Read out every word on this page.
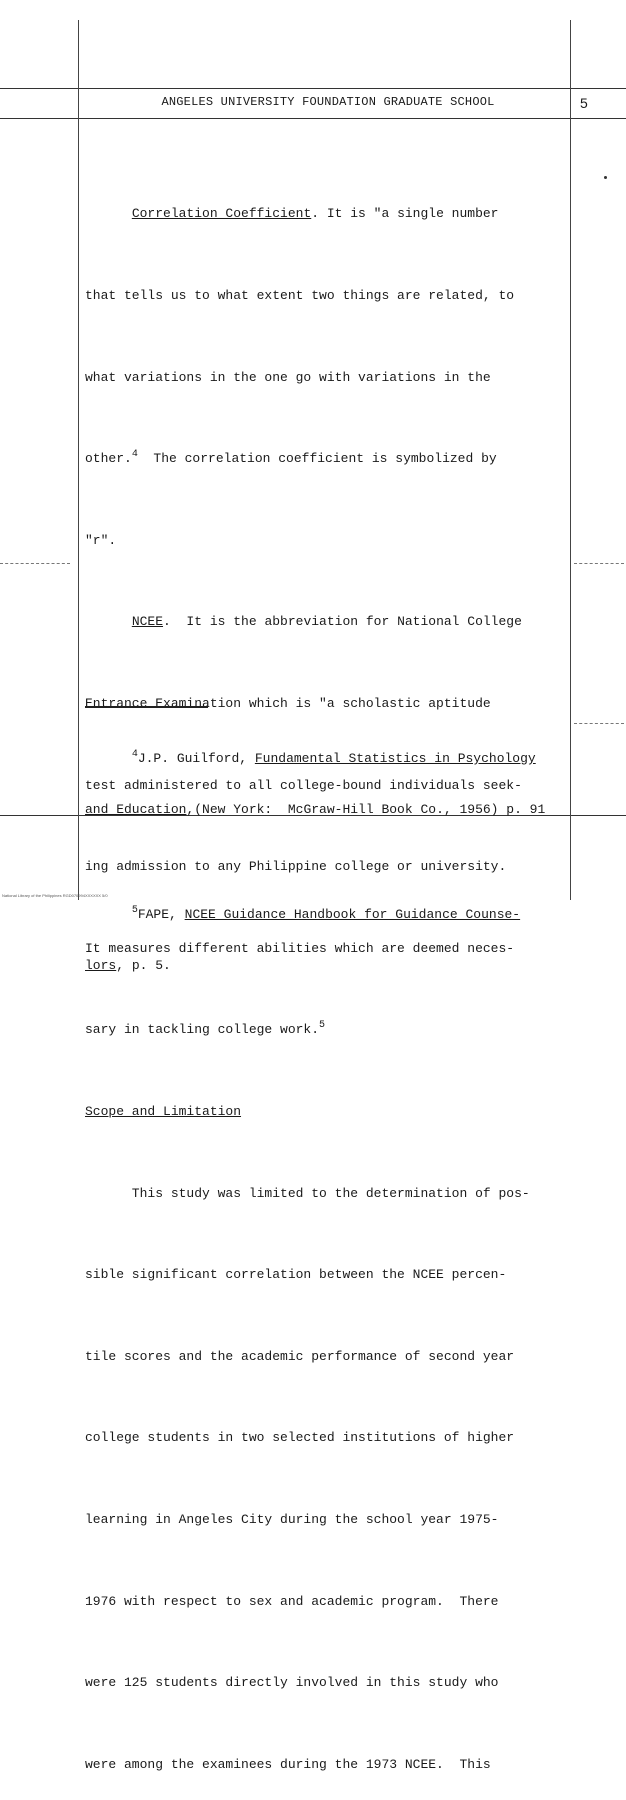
ANGELES UNIVERSITY FOUNDATION GRADUATE SCHOOL	5

Correlation Coefficient. It is "a single number

that tells us to what extent two things are related, to

what variations in the one go with variations in the

other.$^4$  The correlation coefficient is symbolized by

"r".

NCEE.  It is the abbreviation for National College

Entrance Examination which is "a scholastic aptitude

test administered to all college-bound individuals seek-

ing admission to any Philippine college or university.

It measures different abilities which are deemed neces-

sary in tackling college work.$^5$

Scope and Limitation

This study was limited to the determination of pos-

sible significant correlation between the NCEE percen-

tile scores and the academic performance of second year

college students in two selected institutions of higher

learning in Angeles City during the school year 1975-

1976 with respect to sex and academic program.  There

were 125 students directly involved in this study who

were among the examinees during the 1973 NCEE.  This

$^4$J.P. Guilford, Fundamental Statistics in Psychology

and Education,(New York:  McGraw-Hill Book Co., 1956) p. 91

$^5$FAPE, NCEE Guidance Handbook for Guidance Counse-

lors, p. 5.

National Library of the Philippines RGD070994XXXXXX 5/0
